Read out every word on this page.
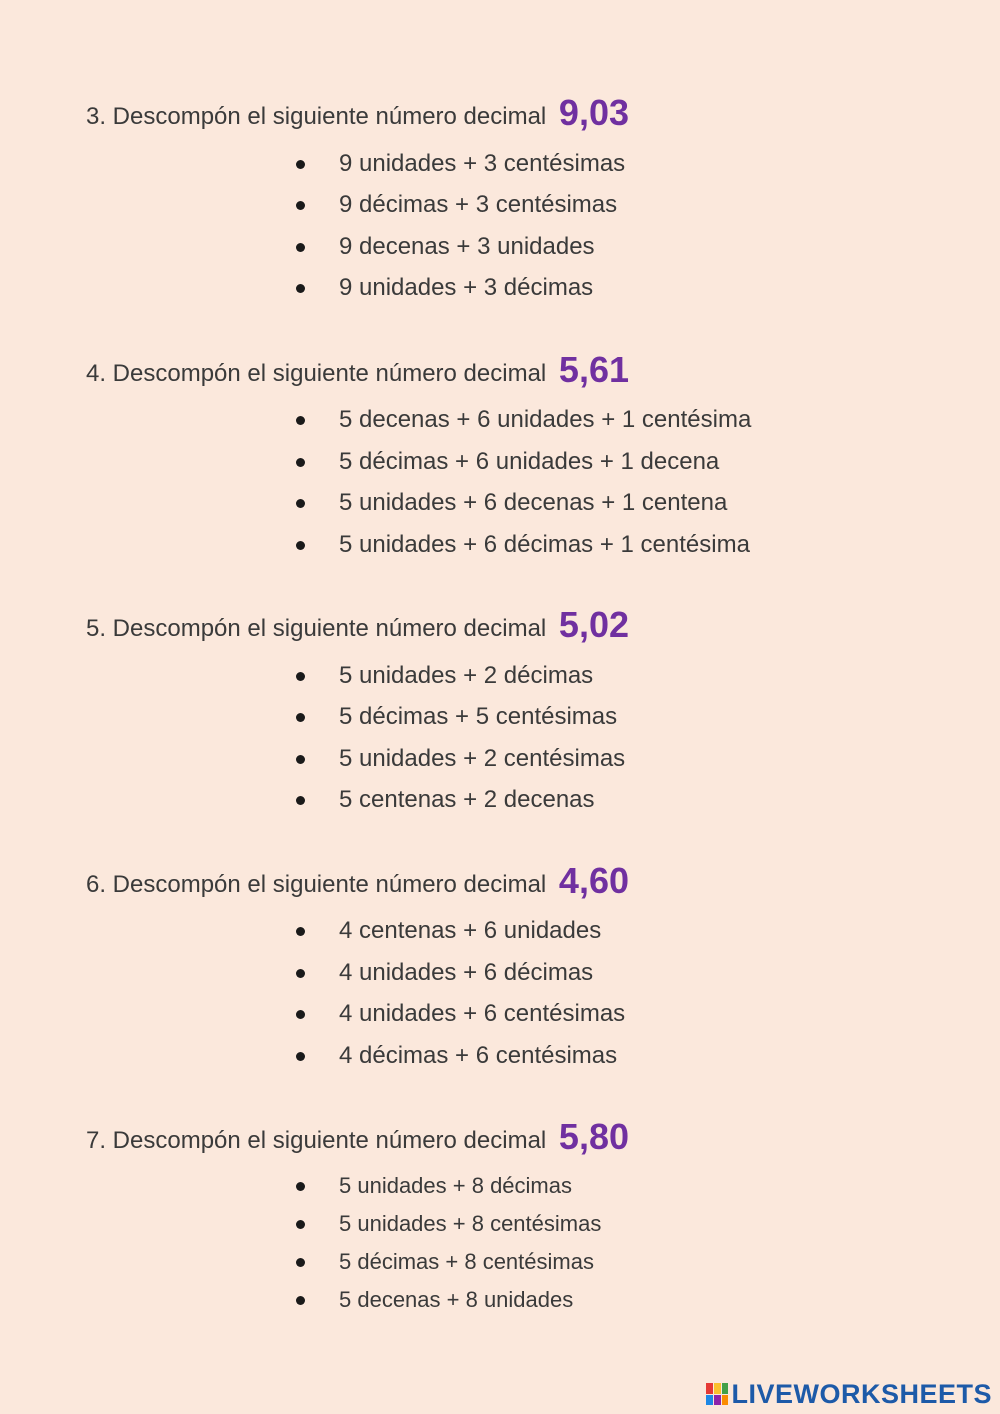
3. Descompón el siguiente número decimal 9,03
9 unidades + 3 centésimas
9 décimas + 3 centésimas
9 decenas + 3 unidades
9 unidades + 3 décimas
4. Descompón el siguiente número decimal 5,61
5 decenas + 6 unidades + 1 centésima
5 décimas + 6 unidades + 1 decena
5 unidades + 6 decenas + 1 centena
5 unidades + 6 décimas + 1 centésima
5. Descompón el siguiente número decimal 5,02
5 unidades + 2 décimas
5 décimas + 5 centésimas
5 unidades + 2 centésimas
5 centenas + 2 decenas
6. Descompón el siguiente número decimal 4,60
4 centenas + 6 unidades
4 unidades + 6 décimas
4 unidades + 6 centésimas
4 décimas + 6 centésimas
7. Descompón el siguiente número decimal 5,80
5 unidades + 8 décimas
5 unidades + 8 centésimas
5 décimas + 8 centésimas
5 decenas + 8 unidades
LIVEWORKSHEETS
